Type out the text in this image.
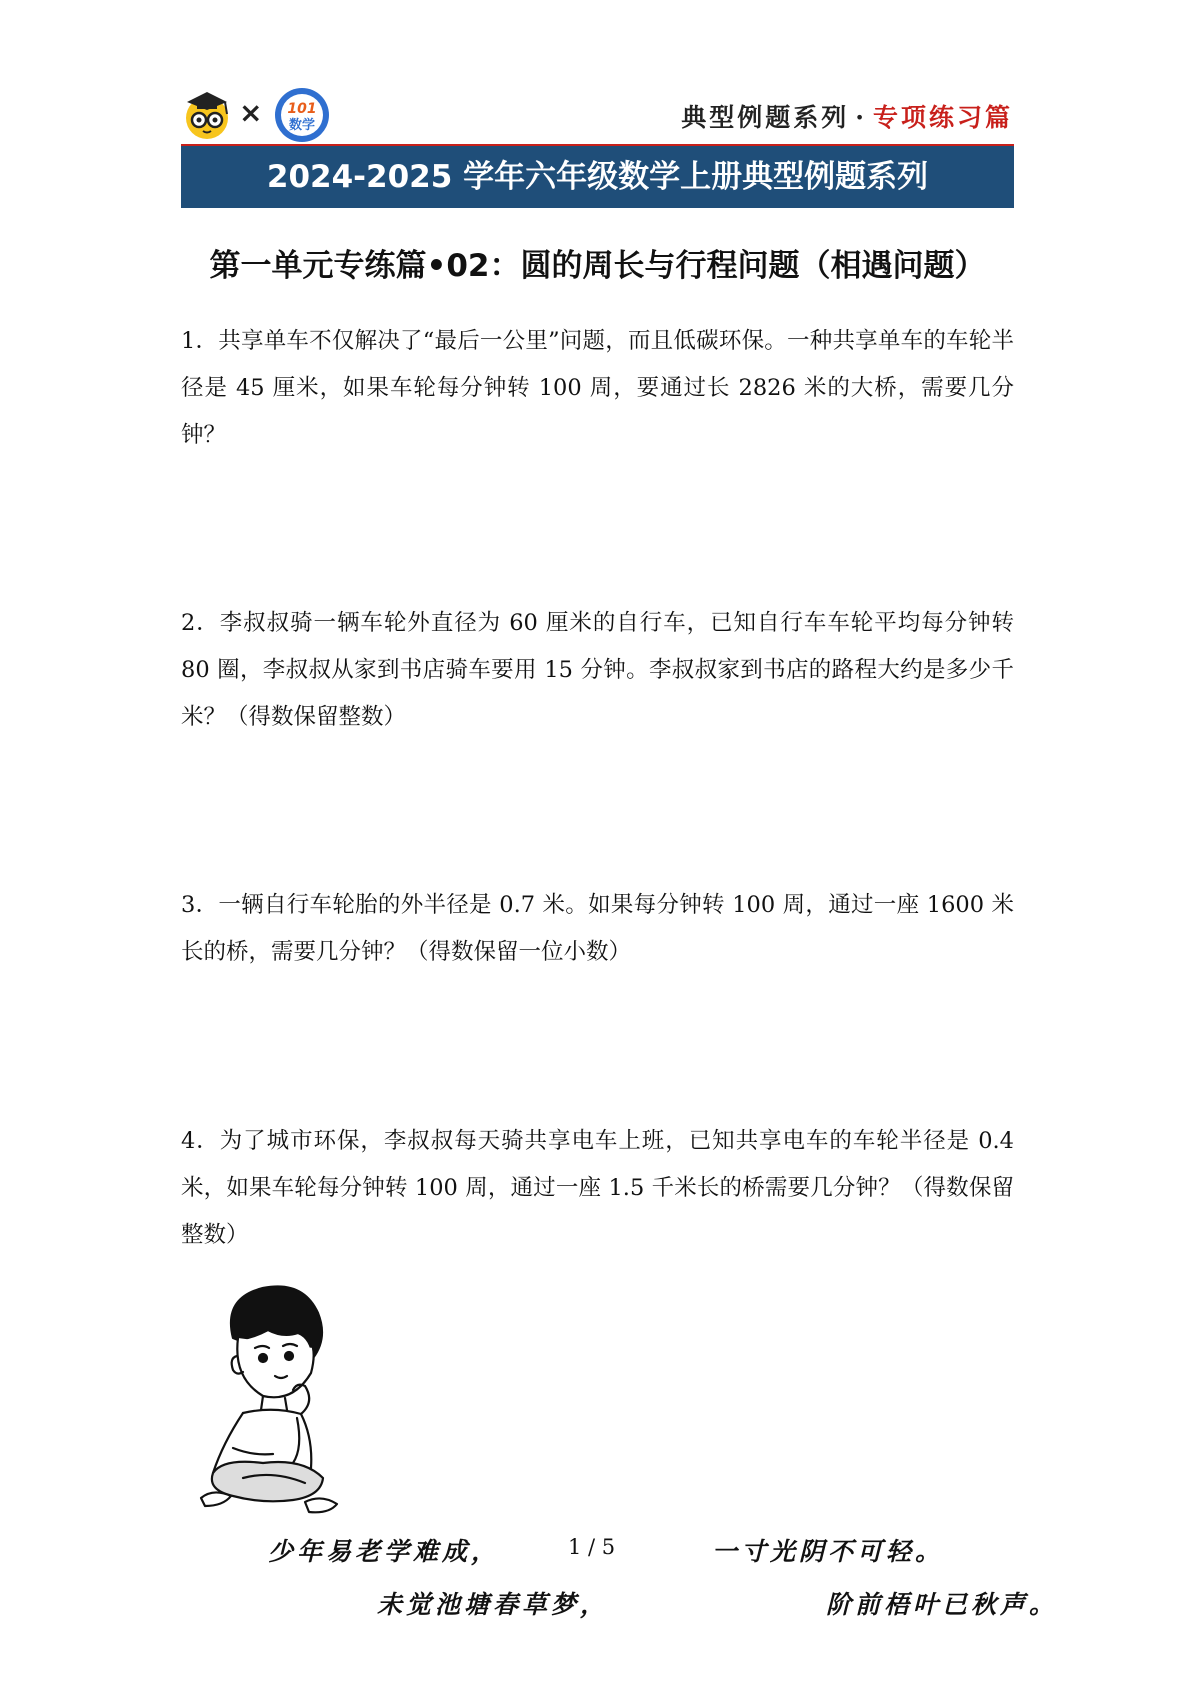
× 101
数学	典型例题系列 · 专项练习篇
2024-2025 学年六年级数学上册典型例题系列
第一单元专练篇•02：圆的周长与行程问题（相遇问题）
1．共享单车不仅解决了“最后一公里”问题，而且低碳环保。一种共享单车的车轮半径是 45 厘米，如果车轮每分钟转 100 周，要通过长 2826 米的大桥，需要几分钟？
2．李叔叔骑一辆车轮外直径为 60 厘米的自行车，已知自行车车轮平均每分钟转 80 圈，李叔叔从家到书店骑车要用 15 分钟。李叔叔家到书店的路程大约是多少千米？（得数保留整数）
3．一辆自行车轮胎的外半径是 0.7 米。如果每分钟转 100 周，通过一座 1600 米长的桥，需要几分钟？（得数保留一位小数）
4．为了城市环保，李叔叔每天骑共享电车上班，已知共享电车的车轮半径是 0.4 米，如果车轮每分钟转 100 周，通过一座 1.5 千米长的桥需要几分钟？（得数保留整数）
少年易老学难成，	1 / 5	一寸光阴不可轻。
未觉池塘春草梦，	阶前梧叶已秋声。
